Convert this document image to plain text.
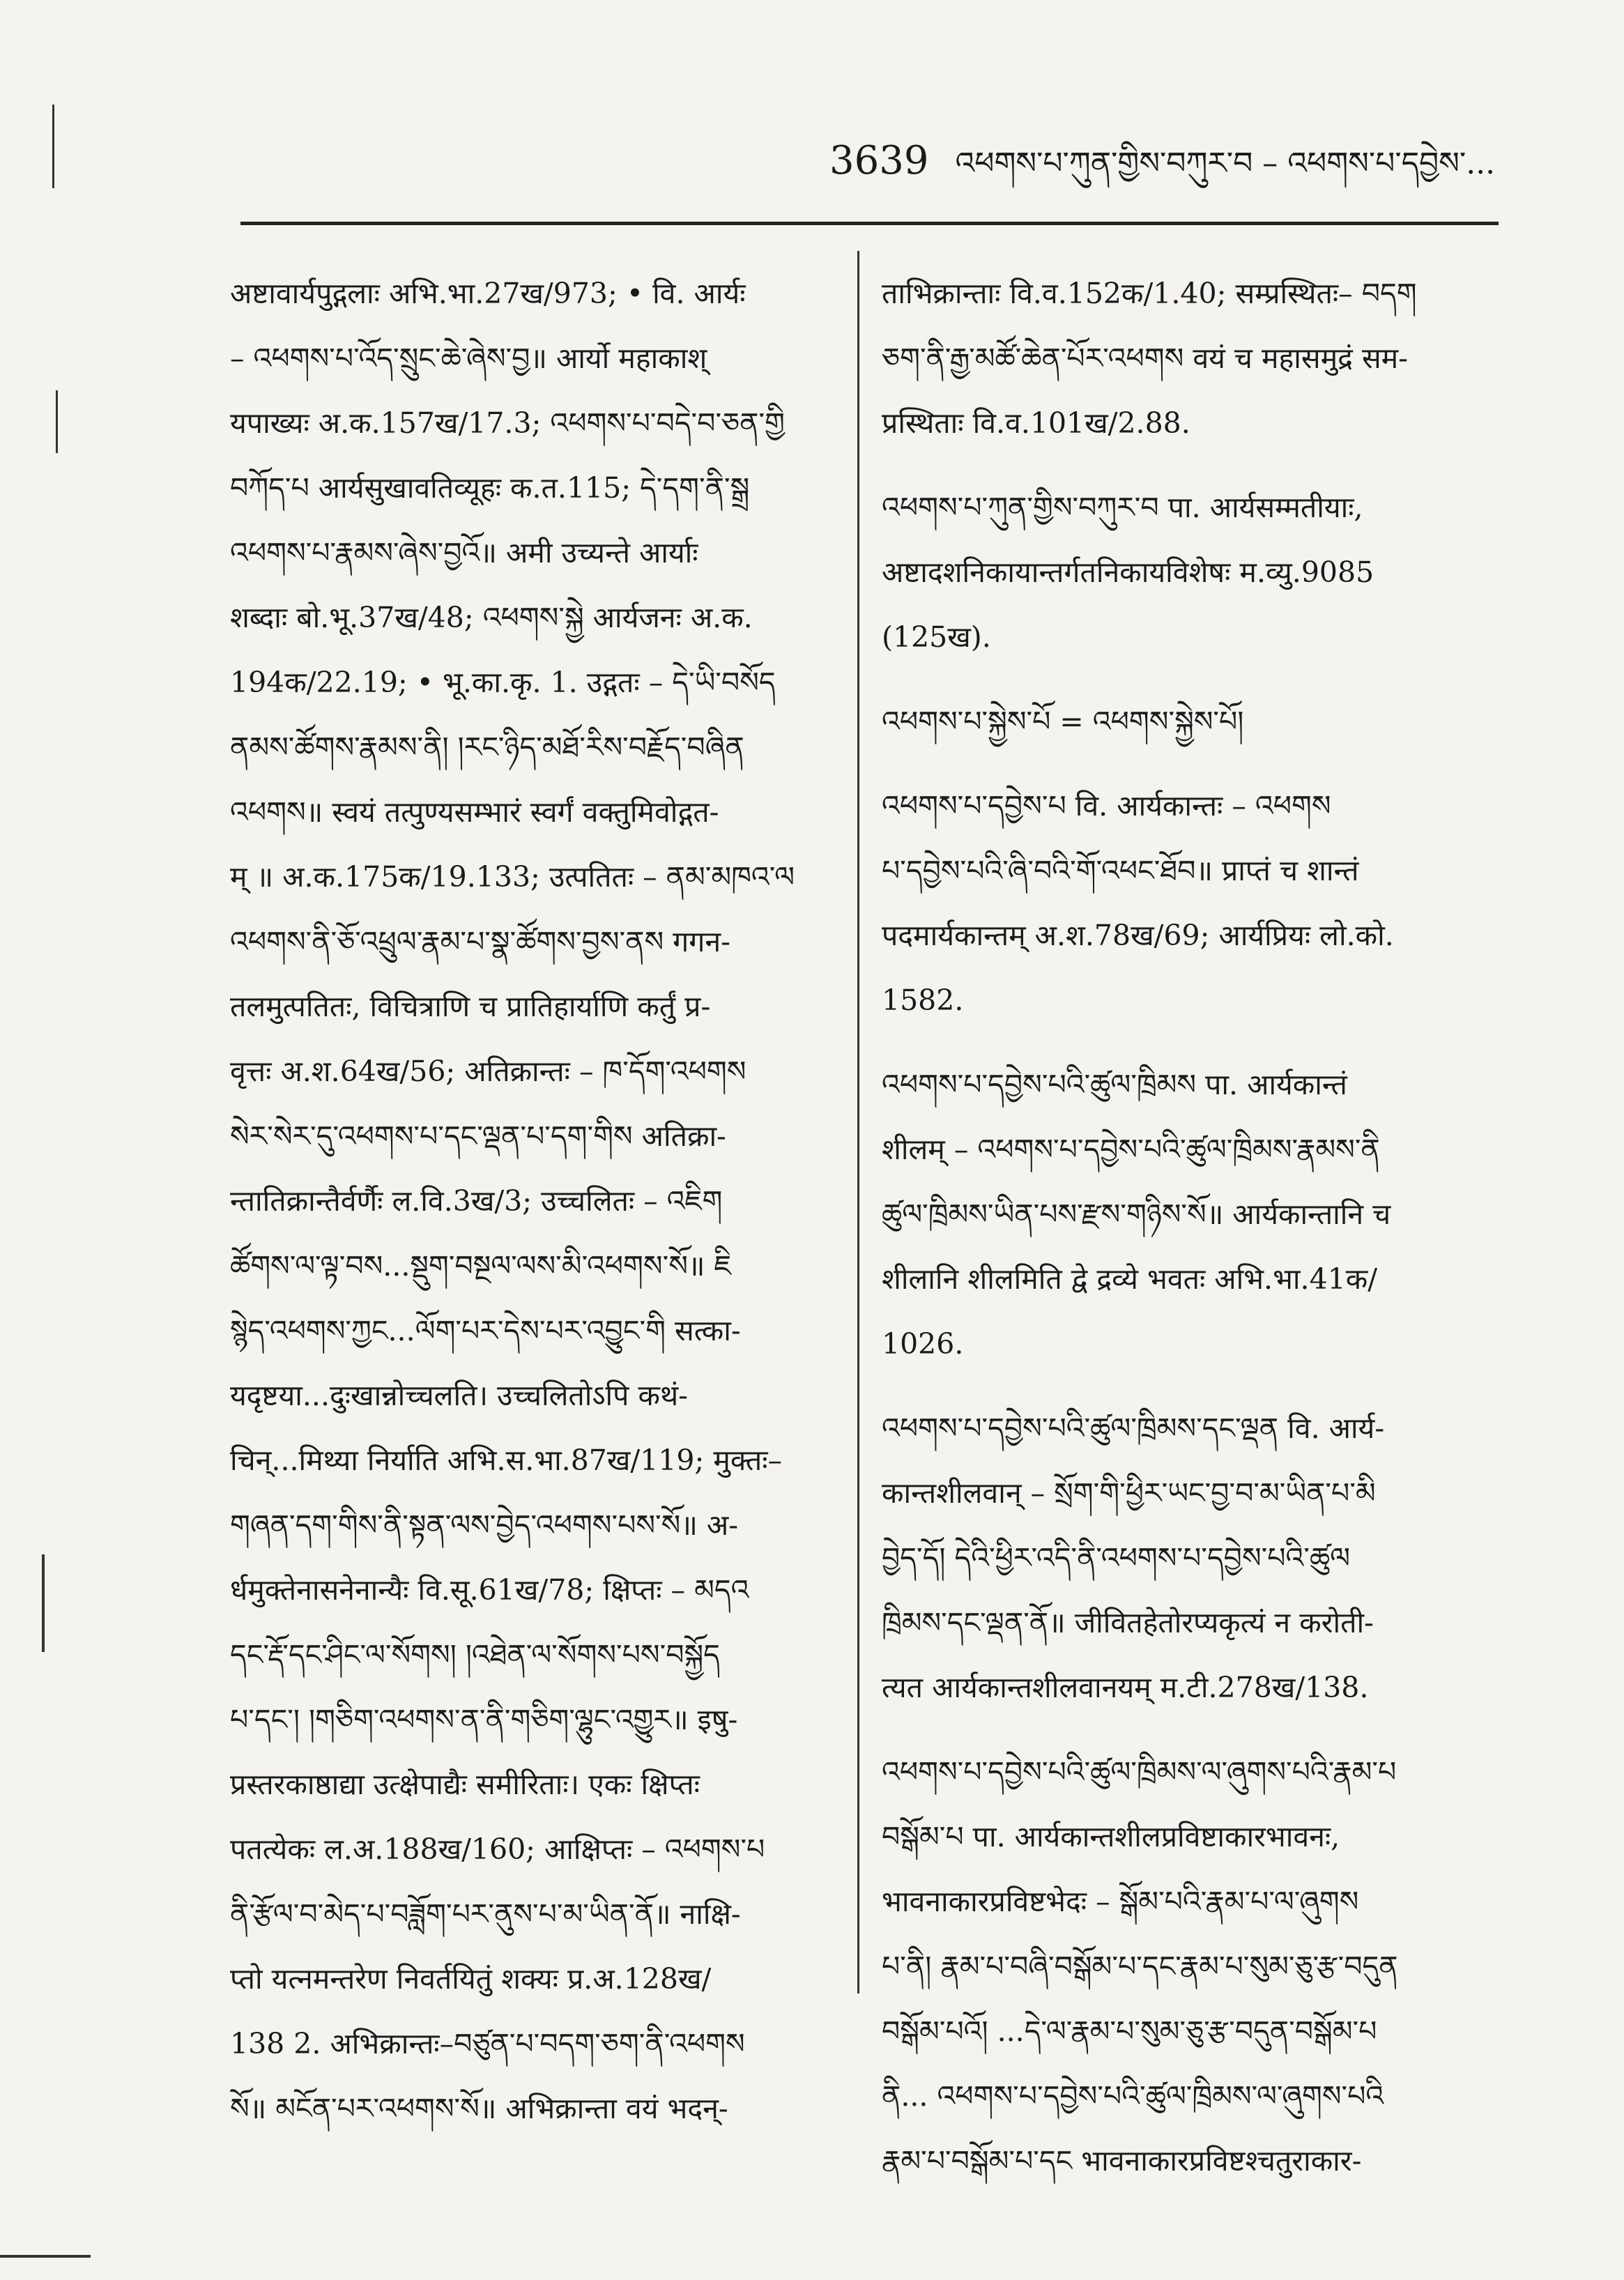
3639 འཕགས་པ་ཀུན་གྱིས་བཀུར་བ – འཕགས་པ་དབྱེས་...
अष्टावार्यपुद्गलाः अभि.भा.27ख/973; • वि. आर्यः
– འཕགས་པ་འོད་སྲུང་ཆེ་ཞེས་བྱ॥ आर्यो महाकाश्
यपाख्यः अ.क.157ख/17.3; འཕགས་པ་བདེ་བ་ཅན་གྱི
བཀོད་པ आर्यसुखावतिव्यूहः क.त.115; དེ་དག་ནི་སྒྲ
འཕགས་པ་རྣམས་ཞེས་བྱའོ॥ अमी उच्यन्ते आर्याः
शब्दाः बो.भू.37ख/48; འཕགས་སྐྱེ आर्यजनः अ.क.
194क/22.19; • भू.का.कृ. 1. उद्गतः – དེ་ཡི་བསོད
ནམས་ཚོགས་རྣམས་ནི། །རང་ཉིད་མཐོ་རིས་བརྗོད་བཞིན
འཕགས॥ स्वयं तत्पुण्यसम्भारं स्वर्गं वक्तुमिवोद्गत-
म् ॥ अ.क.175क/19.133; उत्पतितः – ནམ་མཁའ་ལ
འཕགས་ནི་ཅོ་འཕྲུལ་རྣམ་པ་སྣ་ཚོགས་བྱས་ནས गगन-
तलमुत्पतितः, विचित्राणि च प्रातिहार्याणि कर्तुं प्र-
वृत्तः अ.श.64ख/56; अतिक्रान्तः – ཁ་དོག་འཕགས
སེར་སེར་དུ་འཕགས་པ་དང་ལྡན་པ་དག་གིས अतिक्रा-
न्तातिक्रान्तैर्वर्णैः ल.वि.3ख/3; उच्चलितः – འཇིག
ཚོགས་ལ་ལྟ་བས...སྡུག་བསྔལ་ལས་མི་འཕགས་སོ॥ ཇི
སྙེད་འཕགས་ཀྱང...ལོག་པར་དེས་པར་འབྱུང་གི सत्का-
यदृष्टया...दुःखान्नोच्चलति। उच्चलितोऽपि कथं-
चिन्...मिथ्या निर्याति अभि.स.भा.87ख/119; मुक्तः–
གཞན་དག་གིས་ནི་སྟན་ལས་བྱེད་འཕགས་པས་སོ॥ अ-
र्धमुक्तेनासनेनान्यैः वि.सू.61ख/78; क्षिप्तः – མདའ
དང་རྡོ་དང་ཤིང་ལ་སོགས། །འཐེན་ལ་སོགས་པས་བསྐྱོད
པ་དང་། །གཅིག་འཕགས་ན་ནི་གཅིག་ལྷུང་འགྱུར॥ इषु-
प्रस्तरकाष्ठाद्या उत्क्षेपाद्यैः समीरिताः। एकः क्षिप्तः
पतत्येकः ल.अ.188ख/160; आक्षिप्तः – འཕགས་པ
ནི་རྩོལ་བ་མེད་པ་བཟློག་པར་ནུས་པ་མ་ཡིན་ནོ॥ नाक्षि-
प्तो यत्नमन्तरेण निवर्तयितुं शक्यः प्र.अ.128ख/
138 2. अभिक्रान्तः–བཙུན་པ་བདག་ཅག་ནི་འཕགས
སོ॥ མངོན་པར་འཕགས་སོ॥ अभिक्रान्ता वयं भदन्-
ताभिक्रान्ताः वि.व.152क/1.40; सम्प्रस्थितः– བདག
ཅག་ནི་རྒྱ་མཚོ་ཆེན་པོར་འཕགས वयं च महासमुद्रं सम-
प्रस्थिताः वि.व.101ख/2.88.
འཕགས་པ་ཀུན་གྱིས་བཀུར་བ पा. आर्यसम्मतीयाः,
अष्टादशनिकायान्तर्गतनिकायविशेषः म.व्यु.9085
(125ख).
འཕགས་པ་སྐྱེས་པོ = འཕགས་སྐྱེས་པོ།
འཕགས་པ་དབྱེས་པ वि. आर्यकान्तः – འཕགས
པ་དབྱེས་པའི་ཞི་བའི་གོ་འཕང་ཐོབ॥ प्राप्तं च शान्तं
पदमार्यकान्तम् अ.श.78ख/69; आर्यप्रियः लो.को.
1582.
འཕགས་པ་དབྱེས་པའི་ཚུལ་ཁྲིམས पा. आर्यकान्तं
शीलम् – འཕགས་པ་དབྱེས་པའི་ཚུལ་ཁྲིམས་རྣམས་ནི
ཚུལ་ཁྲིམས་ཡིན་པས་རྫས་གཉིས་སོ॥ आर्यकान्तानि च
शीलानि शीलमिति द्वे द्रव्ये भवतः अभि.भा.41क/
1026.
འཕགས་པ་དབྱེས་པའི་ཚུལ་ཁྲིམས་དང་ལྡན वि. आर्य-
कान्तशीलवान् – སྲོག་གི་ཕྱིར་ཡང་བྱ་བ་མ་ཡིན་པ་མི
བྱེད་དོ། དེའི་ཕྱིར་འདི་ནི་འཕགས་པ་དབྱེས་པའི་ཚུལ
ཁྲིམས་དང་ལྡན་ནོ॥ जीवितहेतोरप्यकृत्यं न करोती-
त्यत आर्यकान्तशीलवानयम् म.टी.278ख/138.
འཕགས་པ་དབྱེས་པའི་ཚུལ་ཁྲིམས་ལ་ཞུགས་པའི་རྣམ་པ
བསྒོམ་པ पा. आर्यकान्तशीलप्रविष्टाकारभावनः,
भावनाकारप्रविष्टभेदः – སྒོམ་པའི་རྣམ་པ་ལ་ཞུགས
པ་ནི། རྣམ་པ་བཞི་བསྒོམ་པ་དང་རྣམ་པ་སུམ་ཅུ་རྩ་བདུན
བསྒོམ་པའོ། ...དེ་ལ་རྣམ་པ་སུམ་ཅུ་རྩ་བདུན་བསྒོམ་པ
ནི... འཕགས་པ་དབྱེས་པའི་ཚུལ་ཁྲིམས་ལ་ཞུགས་པའི
རྣམ་པ་བསྒོམ་པ་དང भावनाकारप्रविष्टश्चतुराकार-
